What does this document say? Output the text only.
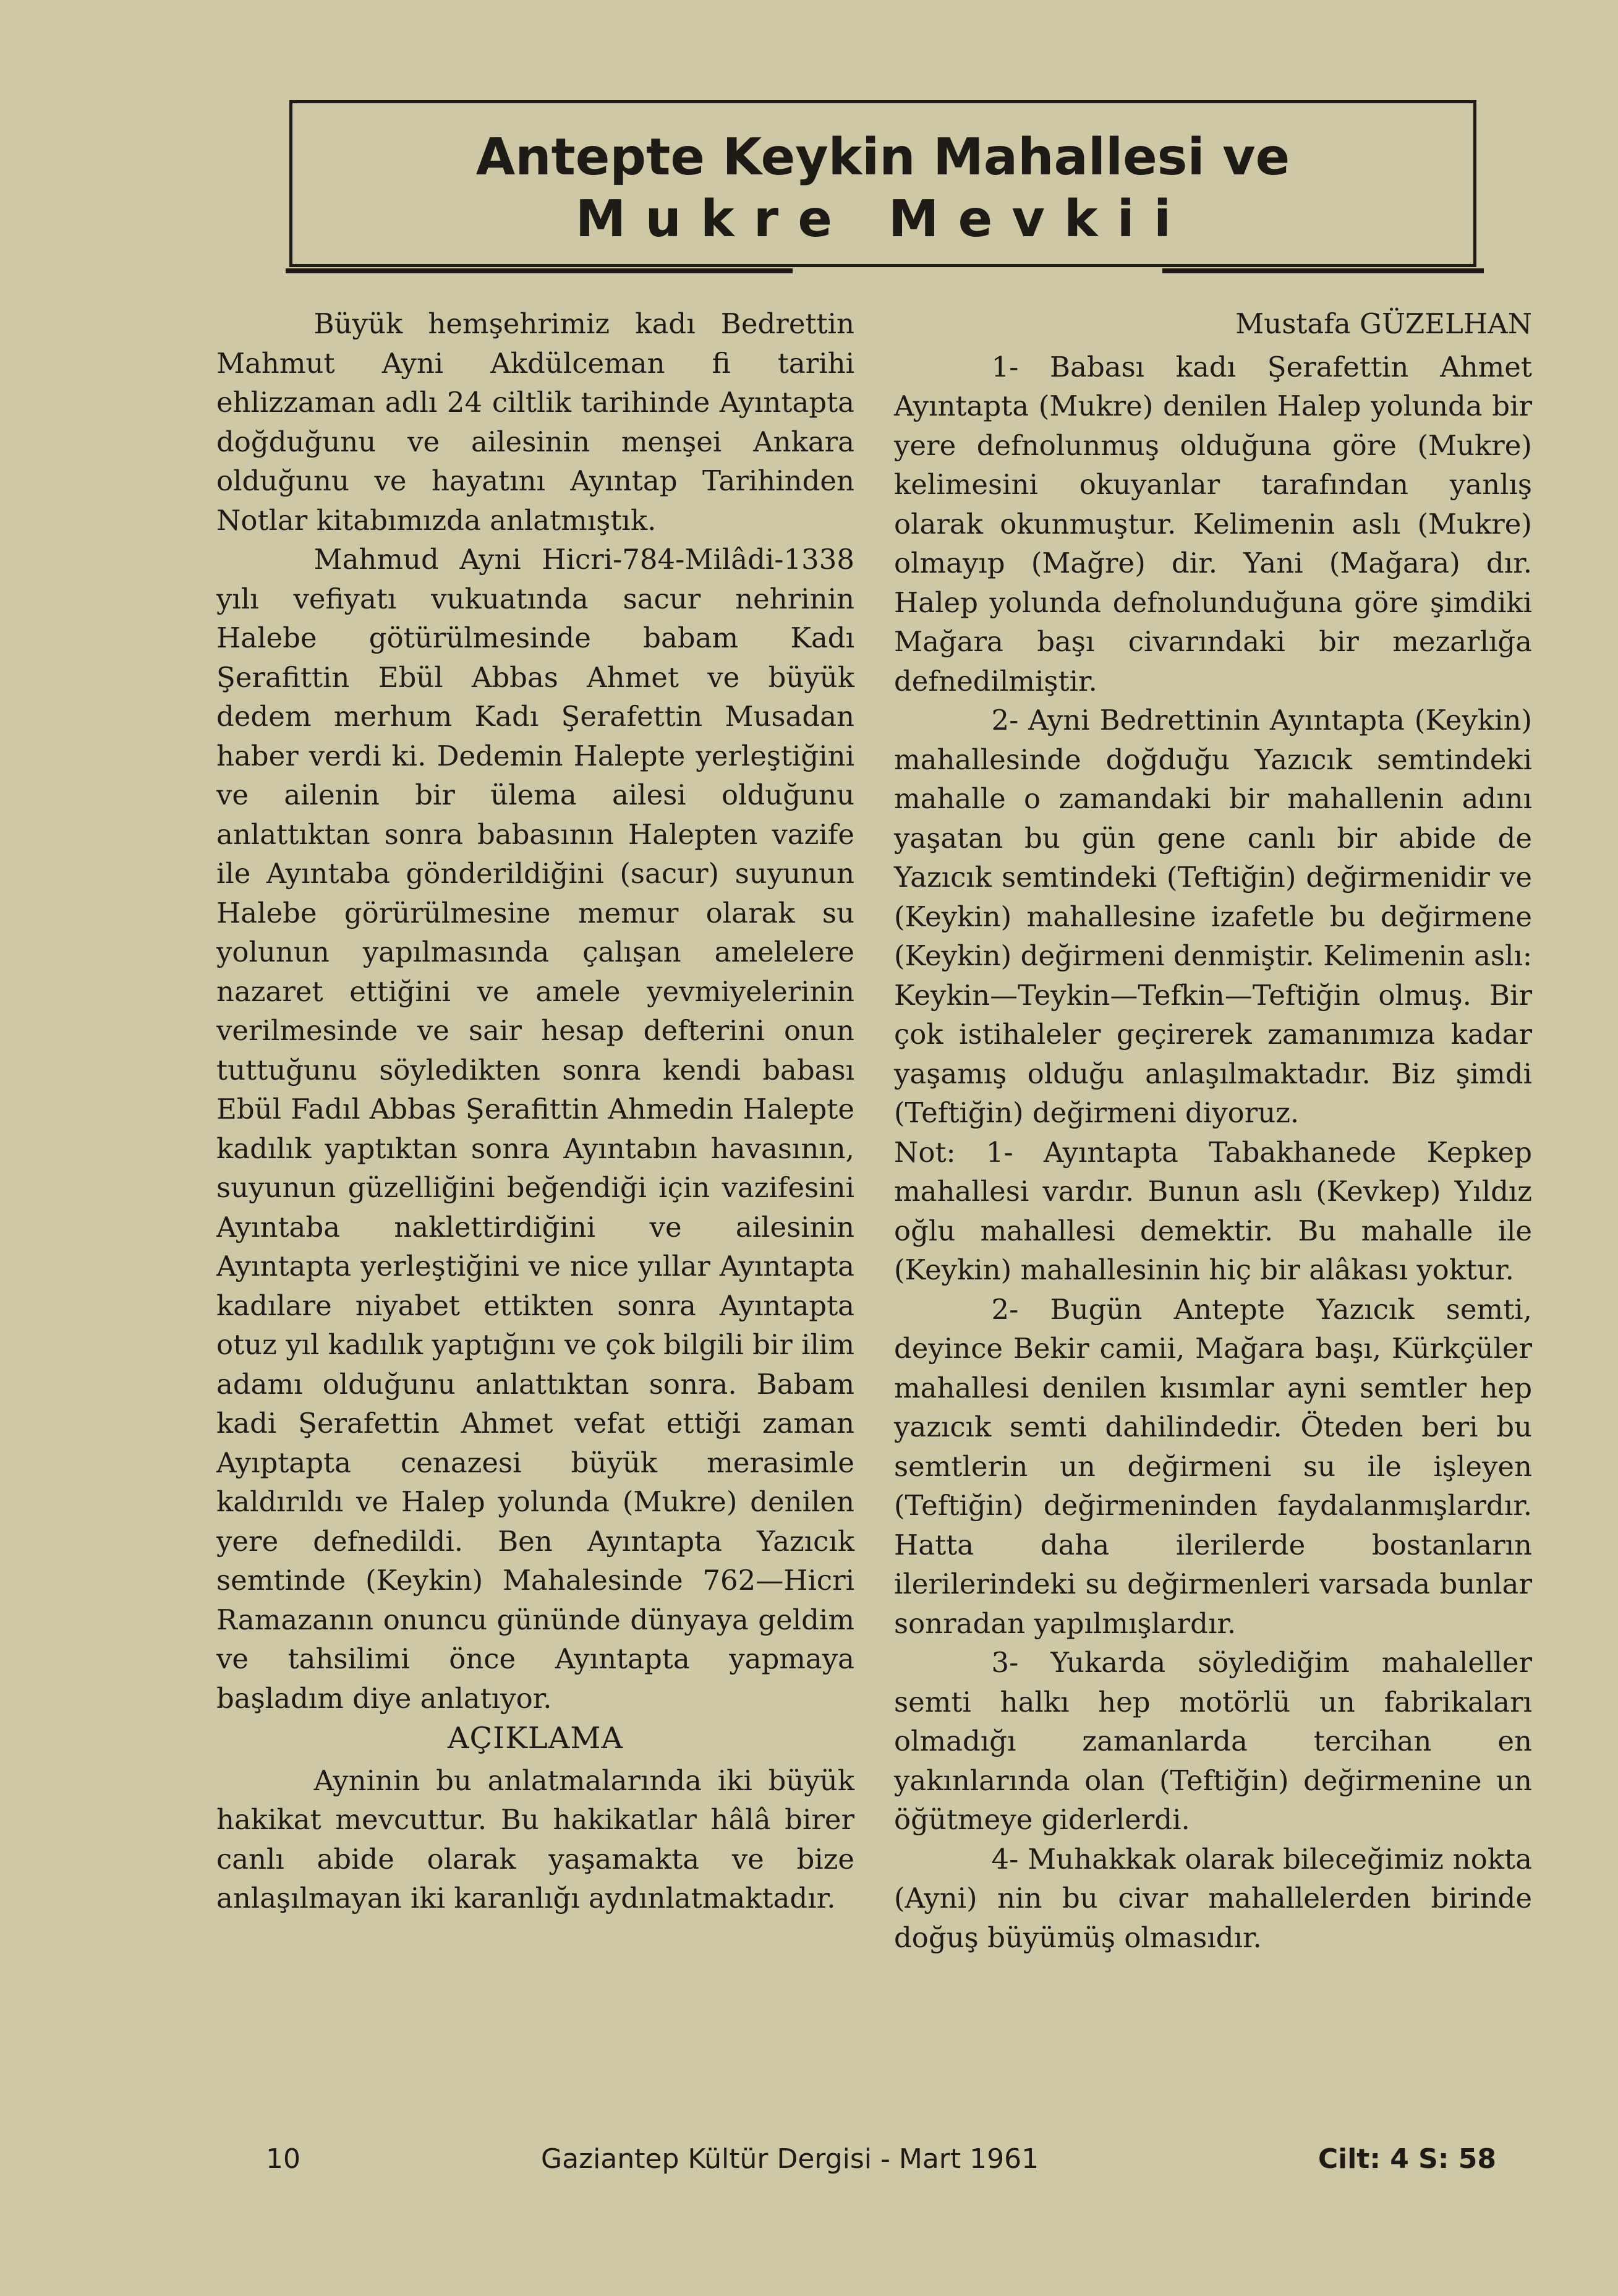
Antepte Keykin Mahallesi ve
Mukre Mevkii

Büyük hemşehrimiz kadı Bedrettin Mahmut Ayni Akdülceman fi tarihi ehlizzaman adlı 24 ciltlik tarihinde Ayıntapta doğduğunu ve ailesinin menşei Ankara olduğunu ve hayatını Ayıntap Tarihinden Notlar kitabımızda anlatmıştık.

Mahmud Ayni Hicri-784-Milâdi-1338 yılı vefiyatı vukuatında sacur nehrinin Halebe götürülmesinde babam Kadı Şerafittin Ebül Abbas Ahmet ve büyük dedem merhum Kadı Şerafettin Musadan haber verdi ki. Dedemin Halepte yerleştiğini ve ailenin bir ülema ailesi olduğunu anlattıktan sonra babasının Halepten vazife ile Ayıntaba gönderildiğini (sacur) suyunun Halebe görürülmesine memur olarak su yolunun yapılmasında çalışan amelelere nazaret ettiğini ve amele yevmiyelerinin verilmesinde ve sair hesap defterini onun tuttuğunu söyledikten sonra kendi babası Ebül Fadıl Abbas Şerafittin Ahmedin Halepte kadılık yaptıktan sonra Ayıntabın havasının, suyunun güzelliğini beğendiği için vazifesini Ayıntaba naklettirdiğini ve ailesinin Ayıntapta yerleştiğini ve nice yıllar Ayıntapta kadılare niyabet ettikten sonra Ayıntapta otuz yıl kadılık yaptığını ve çok bilgili bir ilim adamı olduğunu anlattıktan sonra. Babam kadi Şerafettin Ahmet vefat ettiği zaman Ayıptapta cenazesi büyük merasimle kaldırıldı ve Halep yolunda (Mukre) denilen yere defnedildi. Ben Ayıntapta Yazıcık semtinde (Keykin) Mahalesinde 762—Hicri Ramazanın onuncu gününde dünyaya geldim ve tahsilimi önce Ayıntapta yapmaya başladım diye anlatıyor.

AÇIKLAMA

Ayninin bu anlatmalarında iki büyük hakikat mevcuttur. Bu hakikatlar hâlâ birer canlı abide olarak yaşamakta ve bize anlaşılmayan iki karanlığı aydınlatmaktadır.

Mustafa GÜZELHAN

1- Babası kadı Şerafettin Ahmet Ayıntapta (Mukre) denilen Halep yolunda bir yere defnolunmuş olduğuna göre (Mukre) kelimesini okuyanlar tarafından yanlış olarak okunmuştur. Kelimenin aslı (Mukre) olmayıp (Mağre) dir. Yani (Mağara) dır. Halep yolunda defnolunduğuna göre şimdiki Mağara başı civarındaki bir mezarlığa defnedilmiştir.

2- Ayni Bedrettinin Ayıntapta (Keykin) mahallesinde doğduğu Yazıcık semtindeki mahalle o zamandaki bir mahallenin adını yaşatan bu gün gene canlı bir abide de Yazıcık semtindeki (Teftiğin) değirmenidir ve (Keykin) mahallesine izafetle bu değirmene (Keykin) değirmeni denmiştir. Kelimenin aslı: Keykin—Teykin—Tefkin—Teftiğin olmuş. Bir çok istihaleler geçirerek zamanımıza kadar yaşamış olduğu anlaşılmaktadır. Biz şimdi (Teftiğin) değirmeni diyoruz.

Not: 1- Ayıntapta Tabakhanede Kepkep mahallesi vardır. Bunun aslı (Kevkep) Yıldız oğlu mahallesi demektir. Bu mahalle ile (Keykin) mahallesinin hiç bir alâkası yoktur.

2- Bugün Antepte Yazıcık semti, deyince Bekir camii, Mağara başı, Kürkçüler mahallesi denilen kısımlar ayni semtler hep yazıcık semti dahilindedir. Öteden beri bu semtlerin un değirmeni su ile işleyen (Teftiğin) değirmeninden faydalanmışlardır. Hatta daha ilerilerde bostanların ilerilerindeki su değirmenleri varsada bunlar sonradan yapılmışlardır.

3- Yukarda söylediğim mahaleller semti halkı hep motörlü un fabrikaları olmadığı zamanlarda tercihan en yakınlarında olan (Teftiğin) değirmenine un öğütmeye giderlerdi.

4- Muhakkak olarak bileceğimiz nokta (Ayni) nin bu civar mahallelerden birinde doğuş büyümüş olmasıdır.

10	Gaziantep Kültür Dergisi - Mart 1961	Cilt: 4 S: 58
